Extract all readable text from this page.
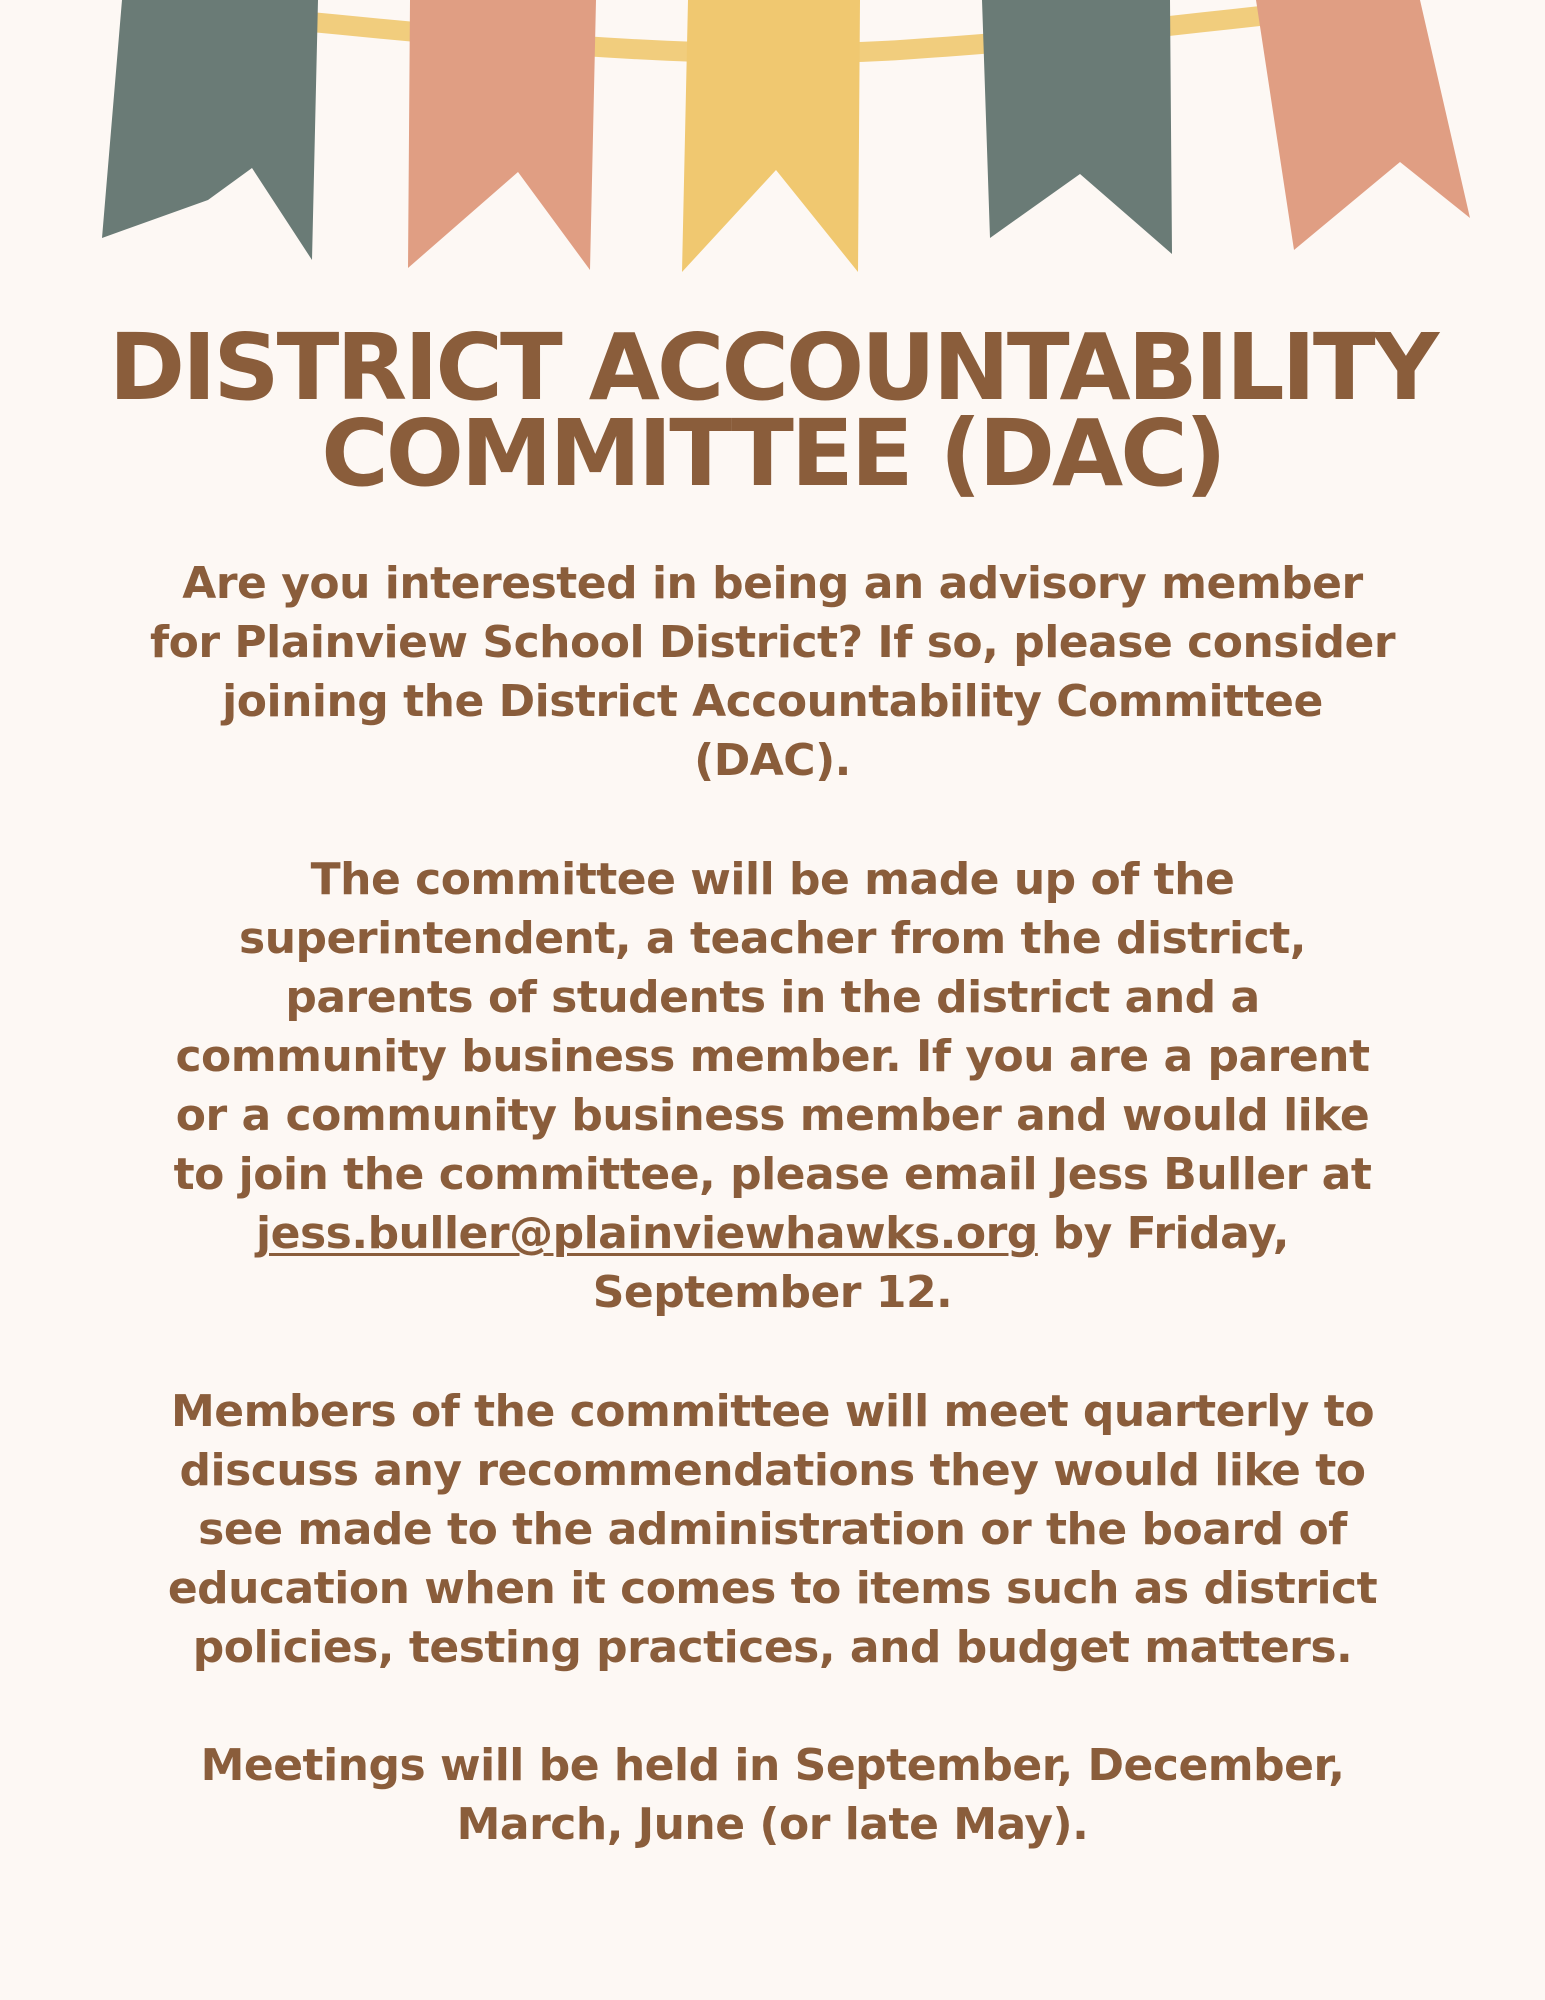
DISTRICT ACCOUNTABILITY
COMMITTEE (DAC)
Are you interested in being an advisory member
for Plainview School District? If so, please consider
joining the District Accountability Committee
(DAC).
The committee will be made up of the
superintendent, a teacher from the district,
parents of students in the district and a
community business member. If you are a parent
or a community business member and would like
to join the committee, please email Jess Buller at
jess.buller@plainviewhawks.org by Friday,
September 12.
Members of the committee will meet quarterly to
discuss any recommendations they would like to
see made to the administration or the board of
education when it comes to items such as district
policies, testing practices, and budget matters.
Meetings will be held in September, December,
March, June (or late May).
